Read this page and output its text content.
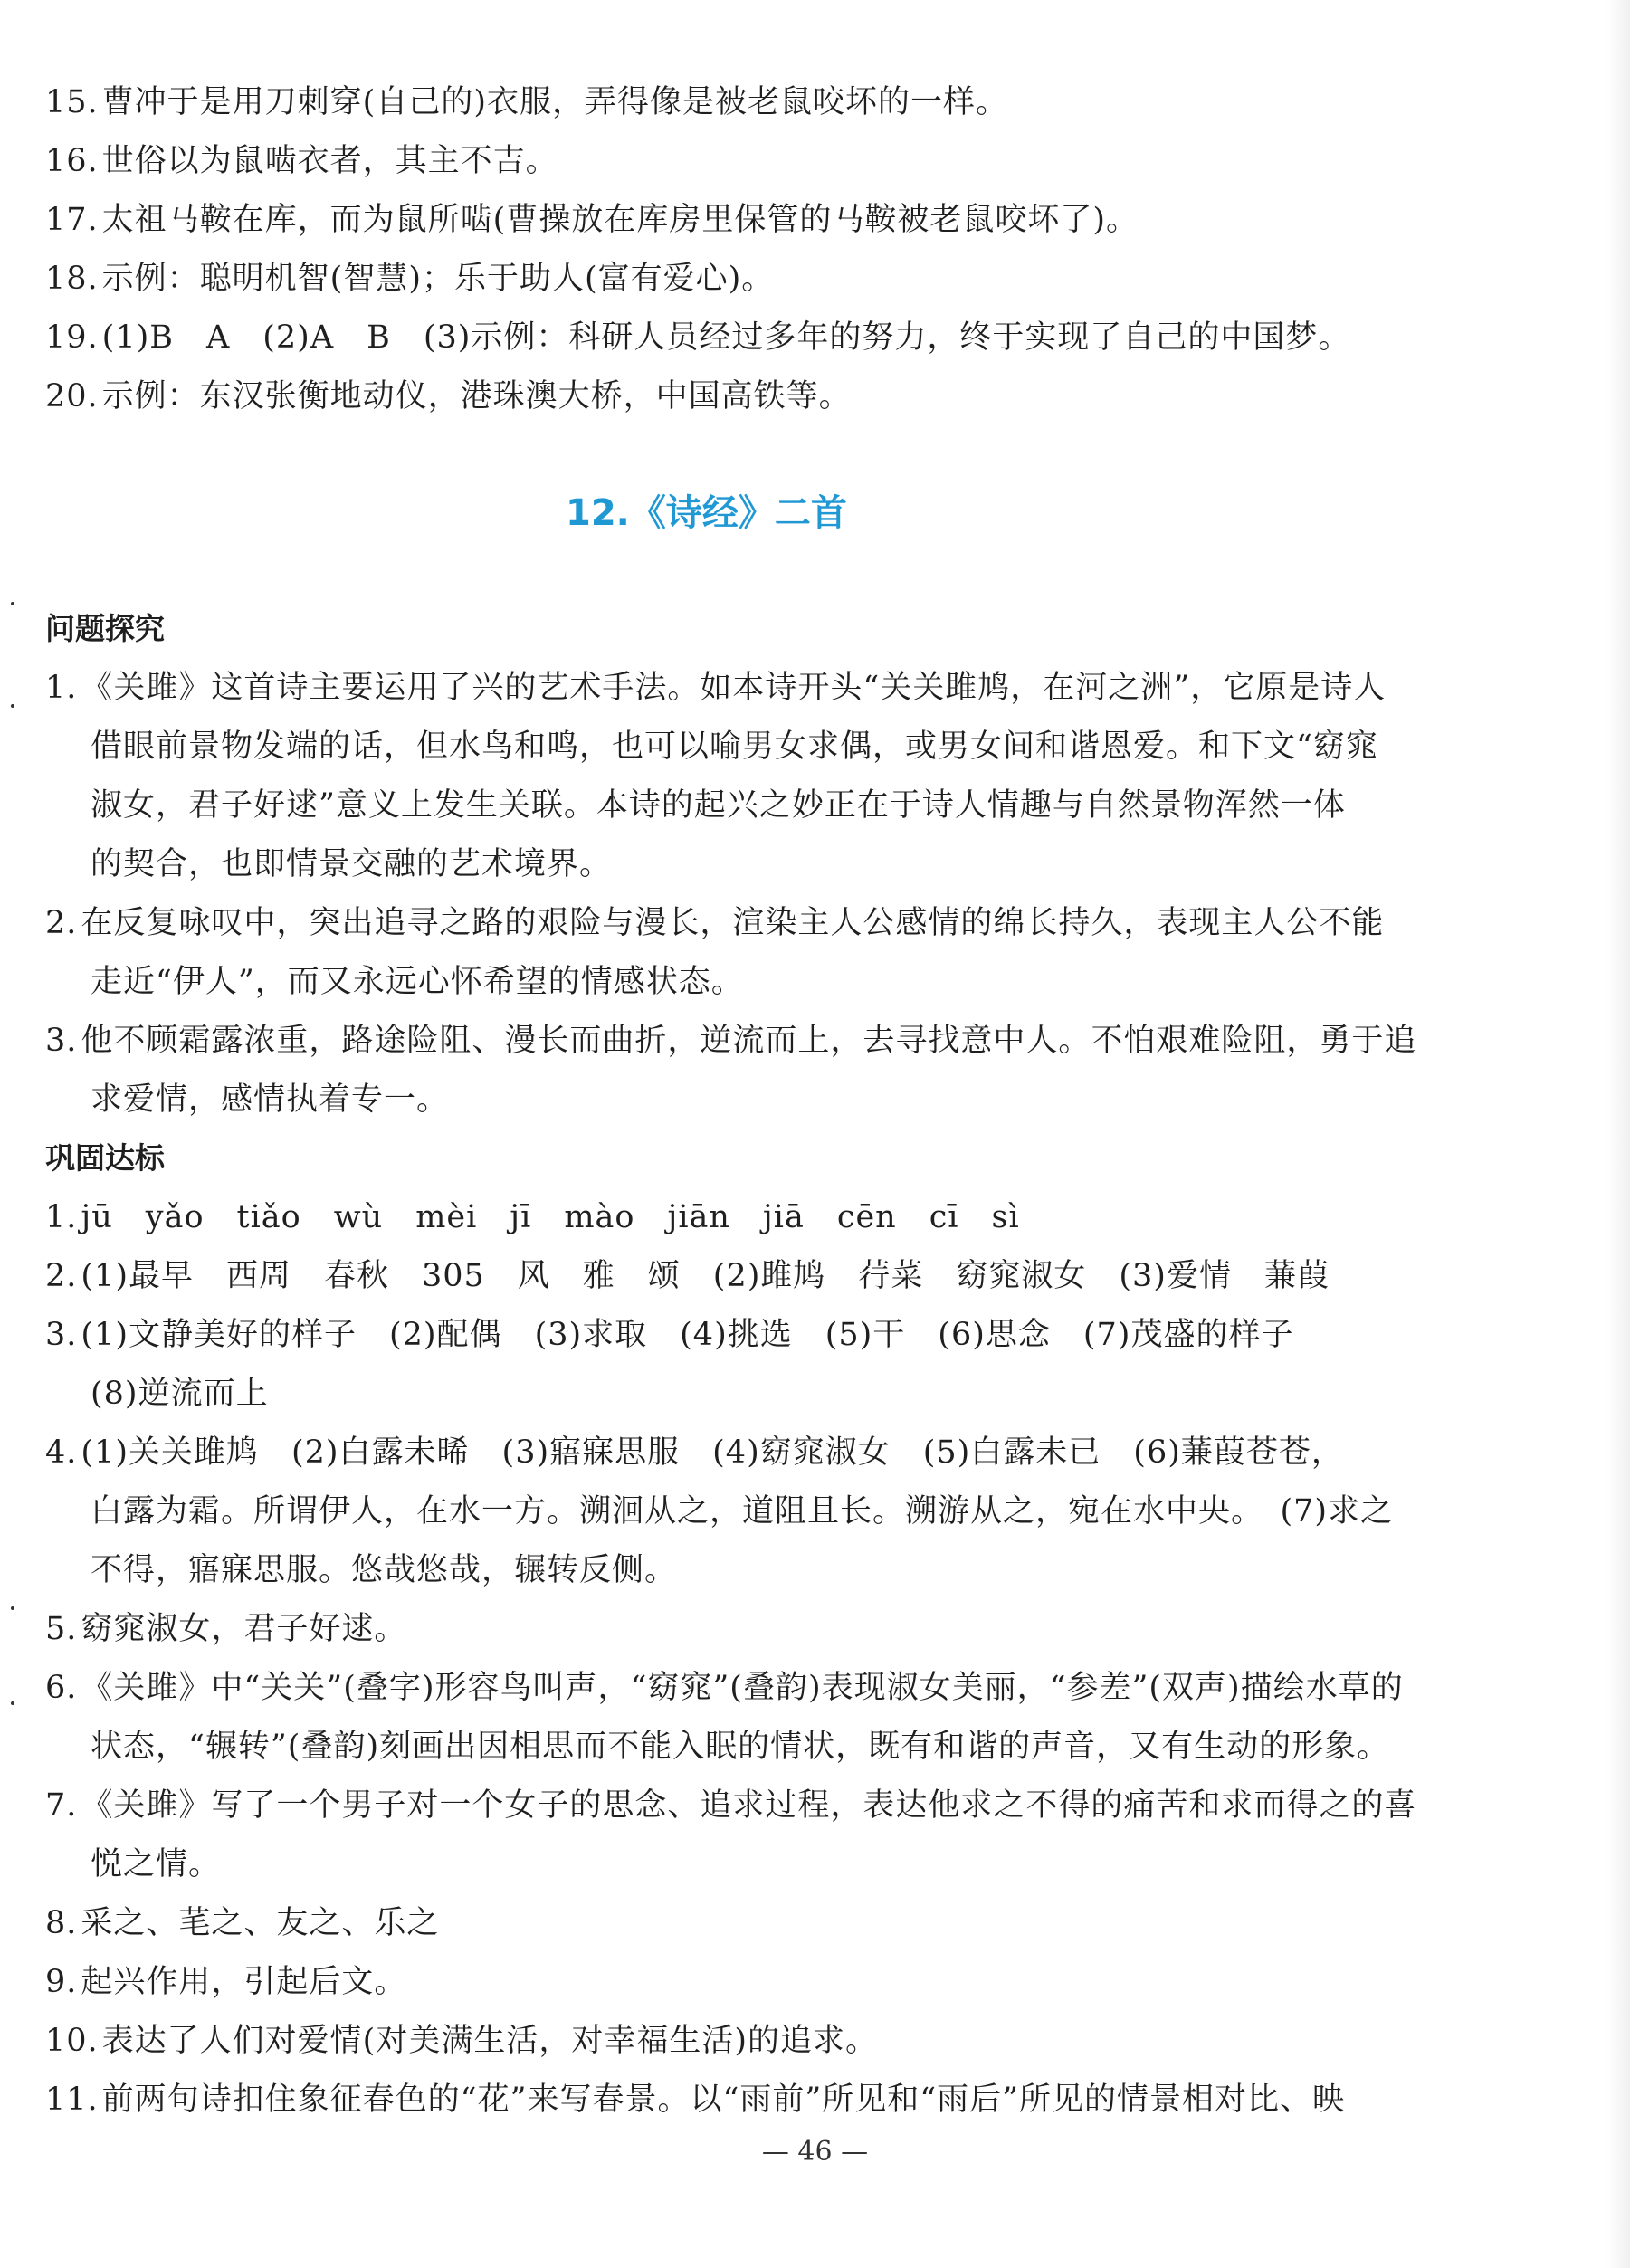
15. 曹冲于是用刀刺穿(自己的)衣服，弄得像是被老鼠咬坏的一样。
16. 世俗以为鼠啮衣者，其主不吉。
17. 太祖马鞍在库，而为鼠所啮(曹操放在库房里保管的马鞍被老鼠咬坏了)。
18. 示例：聪明机智(智慧)；乐于助人(富有爱心)。
19. (1)B　A　(2)A　B　(3)示例：科研人员经过多年的努力，终于实现了自己的中国梦。
20. 示例：东汉张衡地动仪，港珠澳大桥，中国高铁等。
12.《诗经》二首
问题探究
1. 《关雎》这首诗主要运用了兴的艺术手法。如本诗开头“关关雎鸠，在河之洲”，它原是诗人
借眼前景物发端的话，但水鸟和鸣，也可以喻男女求偶，或男女间和谐恩爱。和下文“窈窕
淑女，君子好逑”意义上发生关联。本诗的起兴之妙正在于诗人情趣与自然景物浑然一体
的契合，也即情景交融的艺术境界。
2. 在反复咏叹中，突出追寻之路的艰险与漫长，渲染主人公感情的绵长持久，表现主人公不能
走近“伊人”，而又永远心怀希望的情感状态。
3. 他不顾霜露浓重，路途险阻、漫长而曲折，逆流而上，去寻找意中人。不怕艰难险阻，勇于追
求爱情，感情执着专一。
巩固达标
1. jū　yǎo　tiǎo　wù　mèi　jī　mào　jiān　jiā　cēn　cī　sì
2. (1)最早　西周　春秋　305　风　雅　颂　(2)雎鸠　荇菜　窈窕淑女　(3)爱情　蒹葭
3. (1)文静美好的样子　(2)配偶　(3)求取　(4)挑选　(5)干　(6)思念　(7)茂盛的样子
(8)逆流而上
4. (1)关关雎鸠　(2)白露未晞　(3)寤寐思服　(4)窈窕淑女　(5)白露未已　(6)蒹葭苍苍，
白露为霜。所谓伊人，在水一方。溯洄从之，道阻且长。溯游从之，宛在水中央。　(7)求之
不得，寤寐思服。悠哉悠哉，辗转反侧。
5. 窈窕淑女，君子好逑。
6. 《关雎》中“关关”(叠字)形容鸟叫声，“窈窕”(叠韵)表现淑女美丽，“参差”(双声)描绘水草的
状态，“辗转”(叠韵)刻画出因相思而不能入眠的情状，既有和谐的声音，又有生动的形象。
7. 《关雎》写了一个男子对一个女子的思念、追求过程，表达他求之不得的痛苦和求而得之的喜
悦之情。
8. 采之、芼之、友之、乐之
9. 起兴作用，引起后文。
10. 表达了人们对爱情(对美满生活，对幸福生活)的追求。
11. 前两句诗扣住象征春色的“花”来写春景。以“雨前”所见和“雨后”所见的情景相对比、映
— 46 —
